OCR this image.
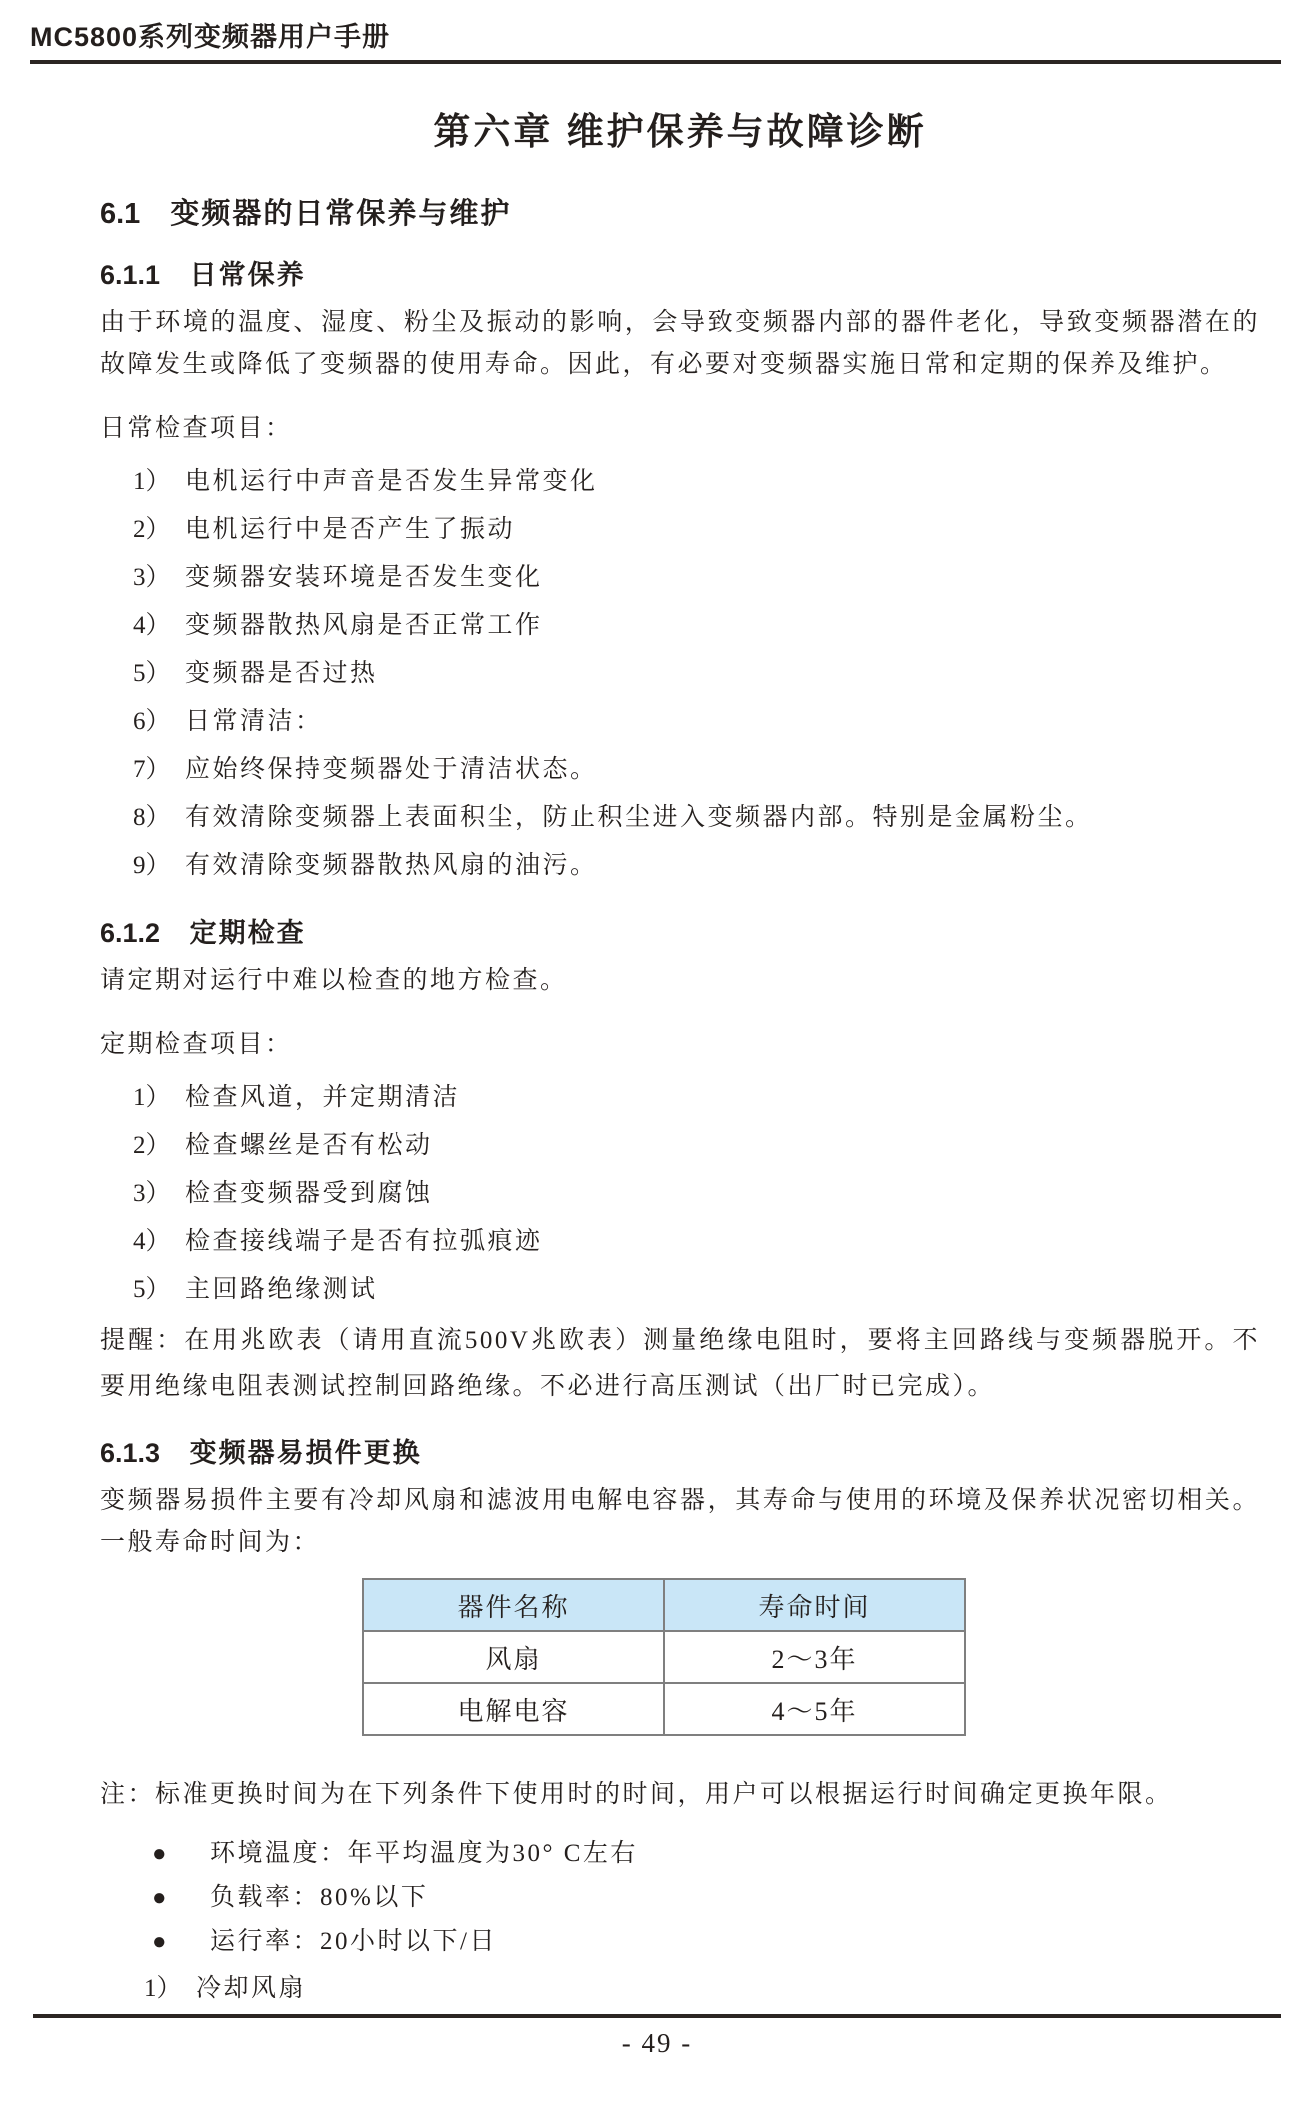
MC5800系列变频器用户手册
第六章 维护保养与故障诊断
6.1 变频器的日常保养与维护
6.1.1 日常保养

由于环境的温度、湿度、粉尘及振动的影响，会导致变频器内部的器件老化，导致变频器潜在的故障发生或降低了变频器的使用寿命。因此，有必要对变频器实施日常和定期的保养及维护。

日常检查项目：

1） 电机运行中声音是否发生异常变化
2） 电机运行中是否产生了振动
3） 变频器安装环境是否发生变化
4） 变频器散热风扇是否正常工作
5） 变频器是否过热
6） 日常清洁：
7） 应始终保持变频器处于清洁状态。
8） 有效清除变频器上表面积尘，防止积尘进入变频器内部。特别是金属粉尘。
9） 有效清除变频器散热风扇的油污。
6.1.2 定期检查

请定期对运行中难以检查的地方检查。

定期检查项目：

1） 检查风道，并定期清洁
2） 检查螺丝是否有松动
3） 检查变频器受到腐蚀
4） 检查接线端子是否有拉弧痕迹
5） 主回路绝缘测试

提醒：在用兆欧表（请用直流500V兆欧表）测量绝缘电阻时，要将主回路线与变频器脱开。不要用绝缘电阻表测试控制回路绝缘。不必进行高压测试（出厂时已完成）。

6.1.3 变频器易损件更换

变频器易损件主要有冷却风扇和滤波用电解电容器，其寿命与使用的环境及保养状况密切相关。一般寿命时间为：

器件名称	寿命时间
风扇	2～3年
电解电容	4～5年

注：标准更换时间为在下列条件下使用时的时间，用户可以根据运行时间确定更换年限。

●	环境温度：年平均温度为30° C左右
●	负载率：80%以下
●	运行率：20小时以下/日
1） 冷却风扇
- 49 -
